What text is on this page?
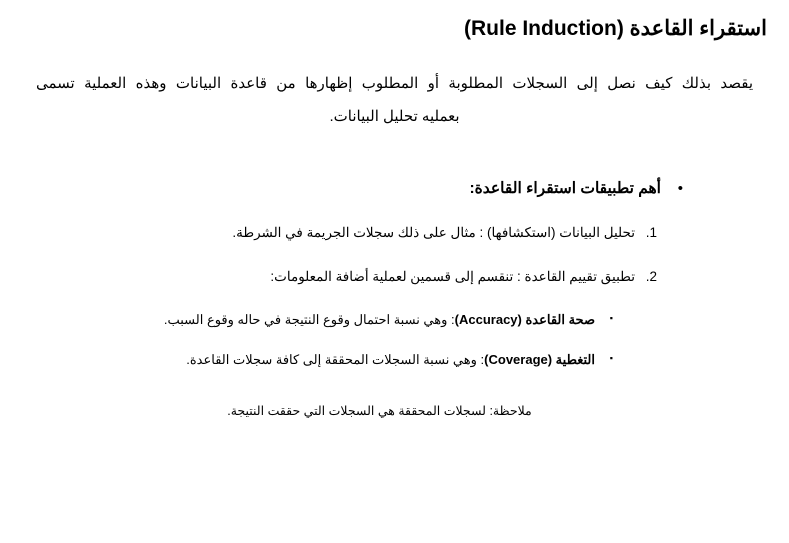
استقراء القاعدة (Rule Induction)

يقصد بذلك كيف نصل إلى السجلات المطلوبة أو المطلوب إظهارها من قاعدة البيانات وهذه العملية تسمى
بعمليه تحليل البيانات.

•أهم تطبيقات استقراء القاعدة:

1.
تحليل البيانات (استكشافها) : مثال على ذلك سجلات الجريمة في الشرطة.
2.
تطبيق تقييم القاعدة : تنقسم إلى قسمين لعملية أضافة المعلومات:
▪
صحة القاعدة (Accuracy): وهي نسبة احتمال وقوع النتيجة في حاله وقوع السبب.
▪
التغطية (Coverage): وهي نسبة السجلات المحققة إلى كافة سجلات القاعدة.

ملاحظة: لسجلات المحققة هي السجلات التي حققت النتيجة.
